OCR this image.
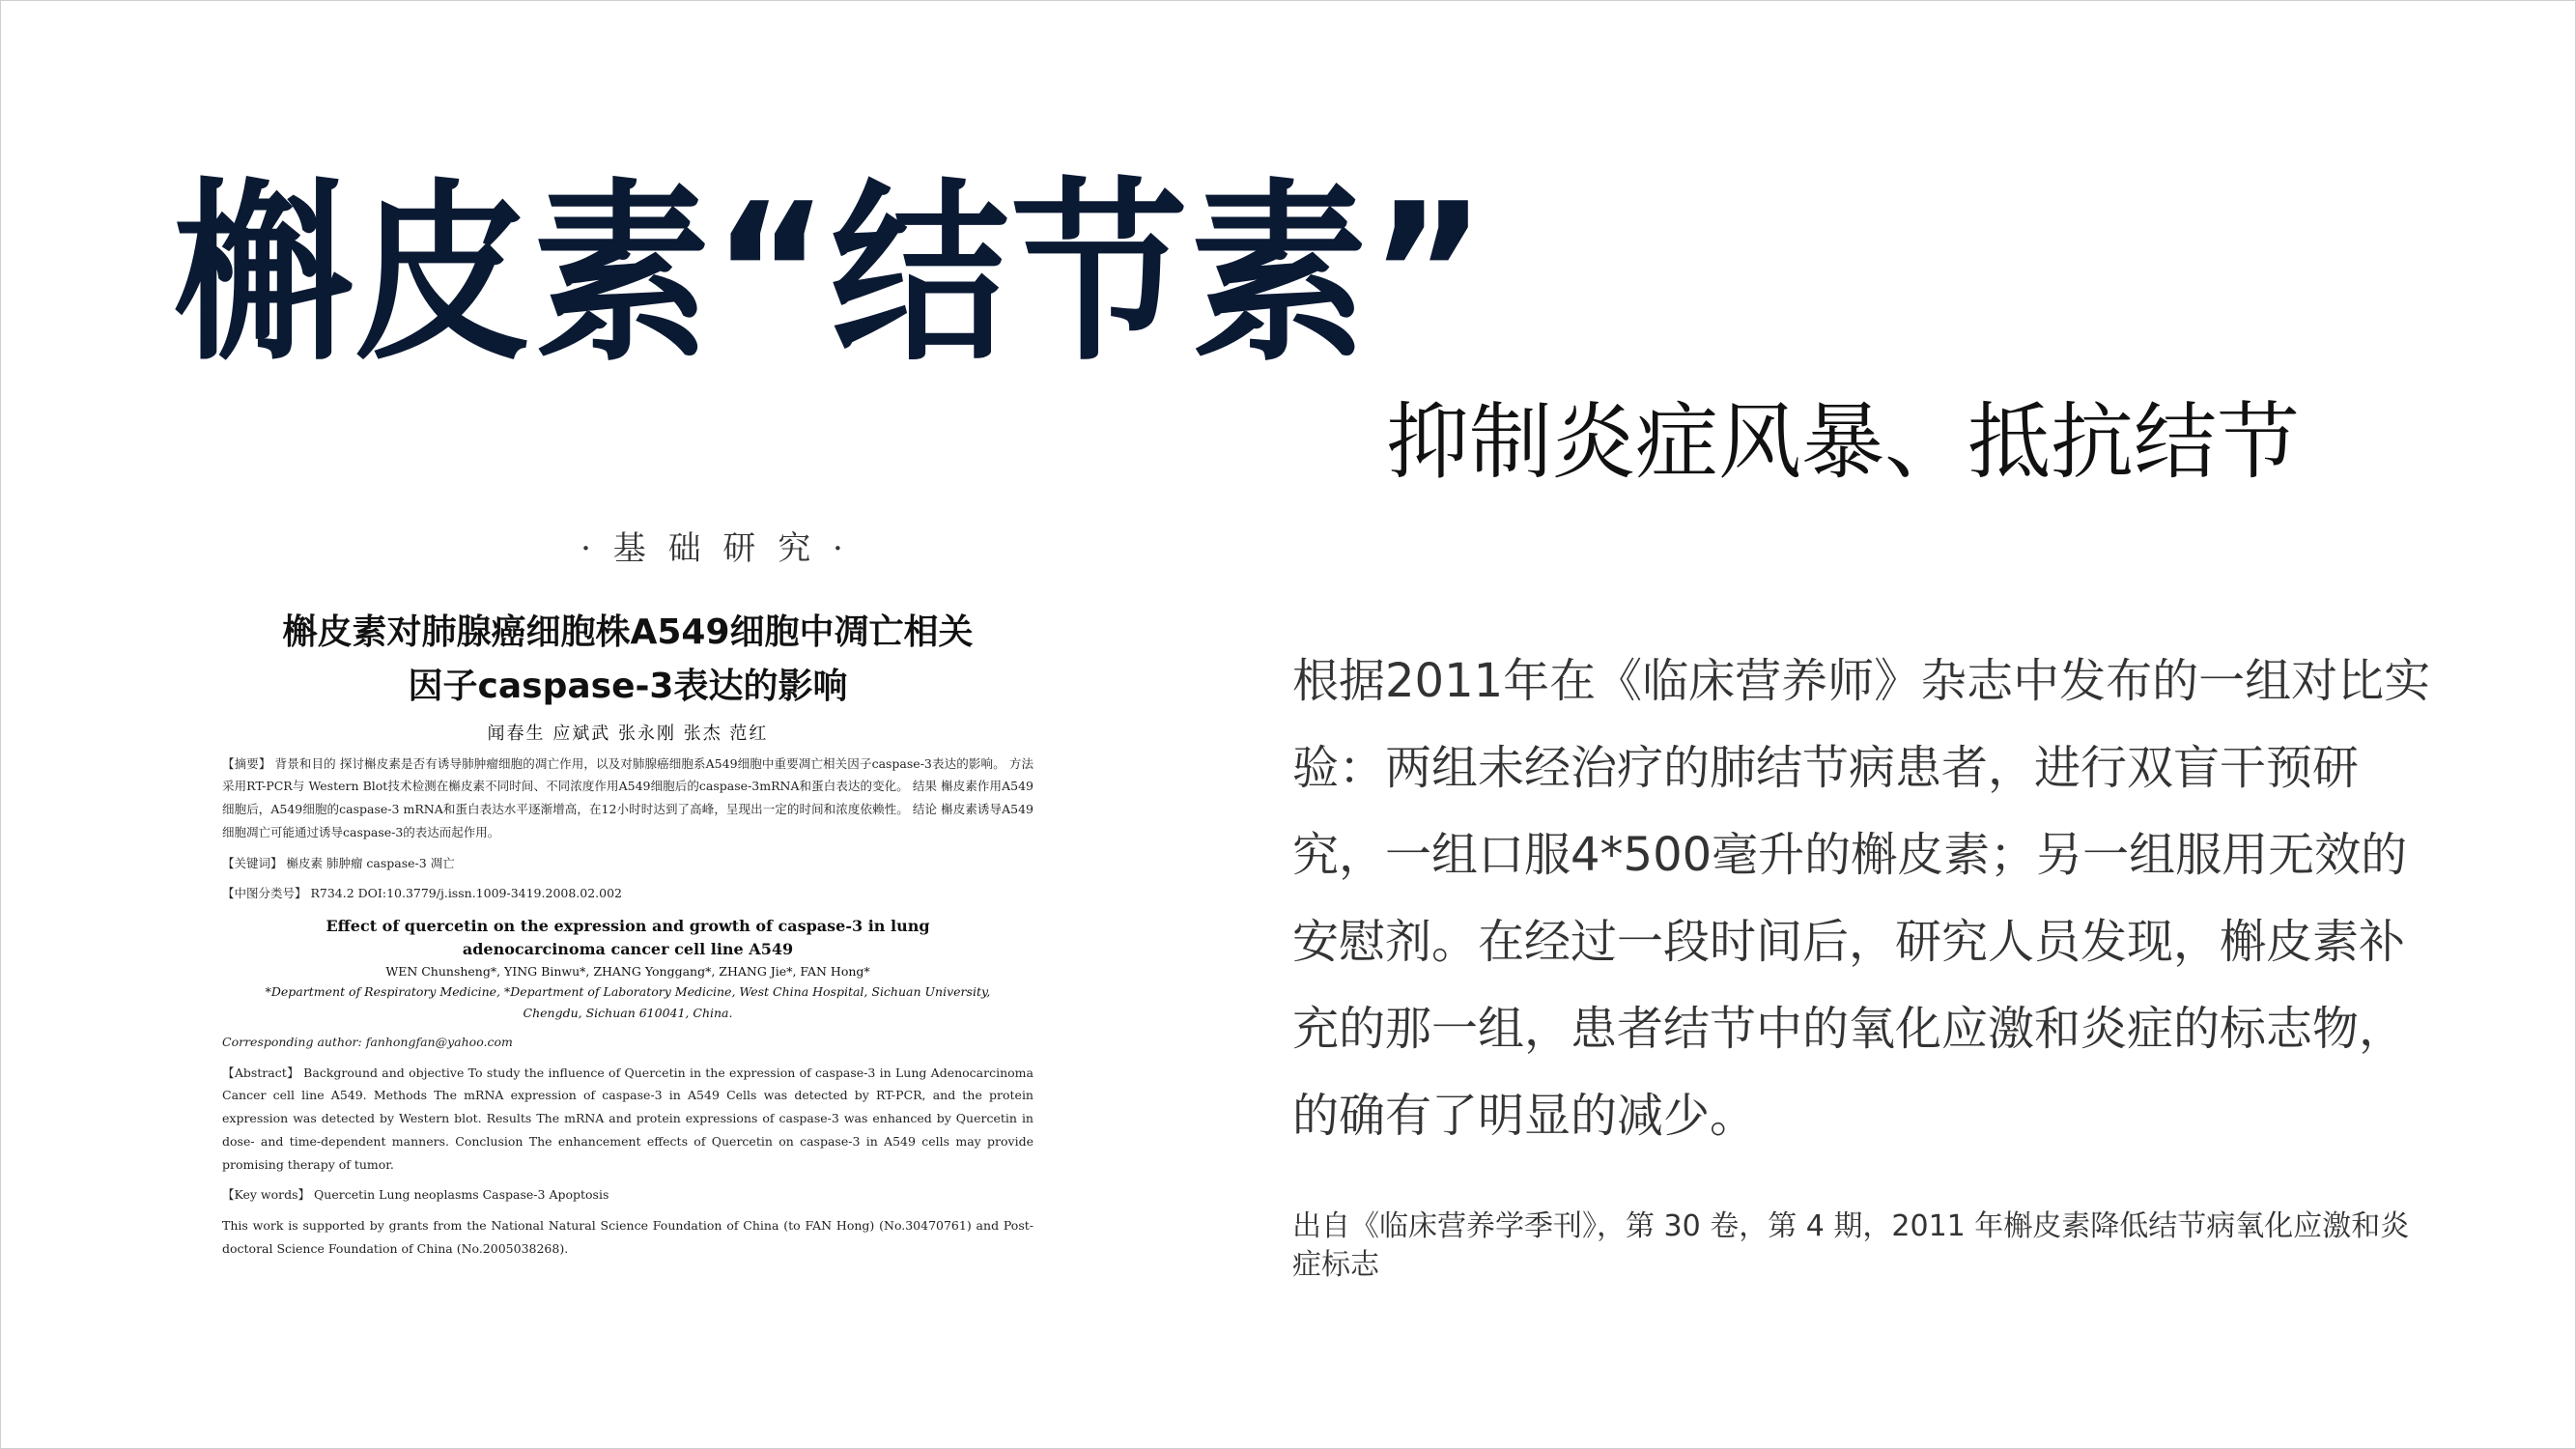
槲皮素“结节素”
抑制炎症风暴、抵抗结节
· 基 础 研 究 ·
槲皮素对肺腺癌细胞株A549细胞中凋亡相关
因子caspase-3表达的影响
闻春生 应斌武 张永刚 张杰 范红
【摘要】 背景和目的 探讨槲皮素是否有诱导肺肿瘤细胞的凋亡作用，以及对肺腺癌细胞系A549细胞中重要凋亡相关因子caspase-3表达的影响。 方法 采用RT-PCR与 Western Blot技术检测在槲皮素不同时间、不同浓度作用A549细胞后的caspase-3mRNA和蛋白表达的变化。 结果 槲皮素作用A549细胞后，A549细胞的caspase-3 mRNA和蛋白表达水平逐渐增高，在12小时时达到了高峰，呈现出一定的时间和浓度依赖性。 结论 槲皮素诱导A549细胞凋亡可能通过诱导caspase-3的表达而起作用。
【关键词】 槲皮素 肺肿瘤 caspase-3 凋亡
【中图分类号】 R734.2 DOI:10.3779/j.issn.1009-3419.2008.02.002
Effect of quercetin on the expression and growth of caspase-3 in lung
adenocarcinoma cancer cell line A549
WEN Chunsheng*, YING Binwu*, ZHANG Yonggang*, ZHANG Jie*, FAN Hong*
*Department of Respiratory Medicine, *Department of Laboratory Medicine, West China Hospital, Sichuan University,
Chengdu, Sichuan 610041, China.
Corresponding author: fanhongfan@yahoo.com
【Abstract】 Background and objective To study the influence of Quercetin in the expression of caspase-3 in Lung Adenocarcinoma Cancer cell line A549. Methods The mRNA expression of caspase-3 in A549 Cells was detected by RT-PCR, and the protein expression was detected by Western blot. Results The mRNA and protein expressions of caspase-3 was enhanced by Quercetin in dose- and time-dependent manners. Conclusion The enhancement effects of Quercetin on caspase-3 in A549 cells may provide promising therapy of tumor.
【Key words】 Quercetin Lung neoplasms Caspase-3 Apoptosis
This work is supported by grants from the National Natural Science Foundation of China (to FAN Hong) (No.30470761) and Post-doctoral Science Foundation of China (No.2005038268).
根据2011年在《临床营养师》杂志中发布的一组对比实验：两组未经治疗的肺结节病患者，进行双盲干预研究，一组口服4*500毫升的槲皮素；另一组服用无效的安慰剂。在经过一段时间后，研究人员发现，槲皮素补充的那一组，患者结节中的氧化应激和炎症的标志物，的确有了明显的减少。
出自《临床营养学季刊》，第 30 卷，第 4 期，2011 年槲皮素降低结节病氧化应激和炎症标志
